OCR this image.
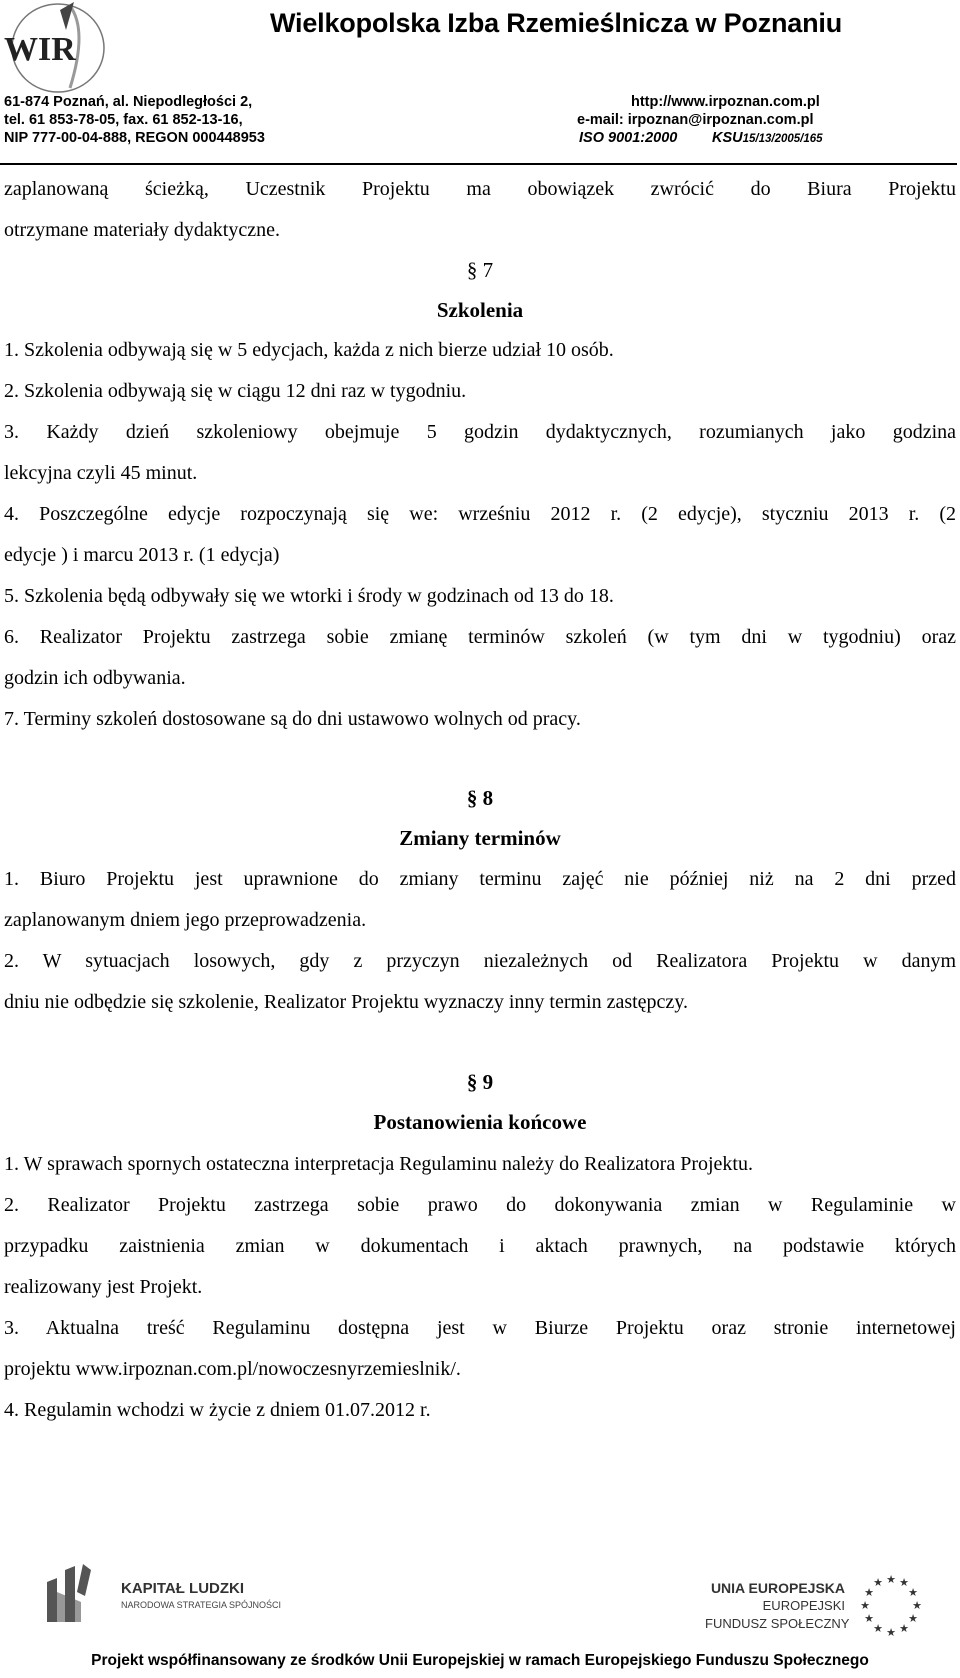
WIR
Wielkopolska Izba Rzemieślnicza w Poznaniu
61-874 Poznań, al. Niepodległości 2,
tel. 61 853-78-05, fax. 61 852-13-16,
NIP 777-00-04-888, REGON 000448953
http://www.irpoznan.com.pl
e-mail: irpoznan@irpoznan.com.pl
ISO 9001:2000 KSU15/13/2005/165
zaplanowaną ścieżką, Uczestnik Projektu ma obowiązek zwrócić do Biura Projektu
otrzymane materiały dydaktyczne.
§ 7
Szkolenia
1. Szkolenia odbywają się w 5 edycjach, każda z nich bierze udział 10 osób.
2. Szkolenia odbywają się w ciągu 12 dni raz w tygodniu.
3. Każdy dzień szkoleniowy obejmuje 5 godzin dydaktycznych, rozumianych jako godzina
lekcyjna czyli 45 minut.
4. Poszczególne edycje rozpoczynają się we: wrześniu 2012 r. (2 edycje), styczniu 2013 r. (2
edycje ) i marcu 2013 r. (1 edycja)
5. Szkolenia będą odbywały się we wtorki i środy w godzinach od 13 do 18.
6. Realizator Projektu zastrzega sobie zmianę terminów szkoleń (w tym dni w tygodniu) oraz
godzin ich odbywania.
7. Terminy szkoleń dostosowane są do dni ustawowo wolnych od pracy.
§ 8
Zmiany terminów
1. Biuro Projektu jest uprawnione do zmiany terminu zajęć nie później niż na 2 dni przed
zaplanowanym dniem jego przeprowadzenia.
2. W sytuacjach losowych, gdy z przyczyn niezależnych od Realizatora Projektu w danym
dniu nie odbędzie się szkolenie, Realizator Projektu wyznaczy inny termin zastępczy.
§ 9
Postanowienia końcowe
1. W sprawach spornych ostateczna interpretacja Regulaminu należy do Realizatora Projektu.
2. Realizator Projektu zastrzega sobie prawo do dokonywania zmian w Regulaminie w
przypadku zaistnienia zmian w dokumentach i aktach prawnych, na podstawie których
realizowany jest Projekt.
3. Aktualna treść Regulaminu dostępna jest w Biurze Projektu oraz stronie internetowej
projektu www.irpoznan.com.pl/nowoczesnyrzemieslnik/.
4. Regulamin wchodzi w życie z dniem 01.07.2012 r.
KAPITAŁ LUDZKI
NARODOWA STRATEGIA SPÓJNOŚCI
UNIA EUROPEJSKA
EUROPEJSKI
FUNDUSZ SPOŁECZNY
★ ★
★
★
★
★
★
★
★
★
★
★
Projekt współfinansowany ze środków Unii Europejskiej w ramach Europejskiego Funduszu Społecznego
